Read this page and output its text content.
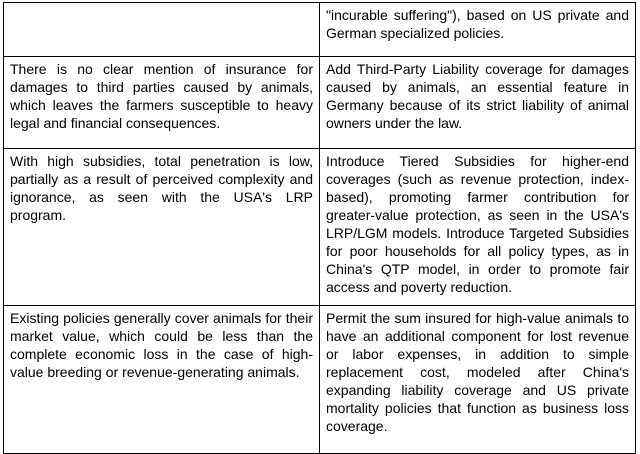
	"incurable suffering"), based on US private and German specialized policies.

There is no clear mention of insurance for damages to third parties caused by animals, which leaves the farmers susceptible to heavy legal and financial consequences.	Add Third-Party Liability coverage for damages caused by animals, an essential feature in Germany because of its strict liability of animal owners under the law.

With high subsidies, total penetration is low, partially as a result of perceived complexity and ignorance, as seen with the USA's LRP program.	Introduce Tiered Subsidies for higher-end coverages (such as revenue protection, index-based), promoting farmer contribution for greater-value protection, as seen in the USA's LRP/LGM models. Introduce Targeted Subsidies for poor households for all policy types, as in China's QTP model, in order to promote fair access and poverty reduction.

Existing policies generally cover animals for their market value, which could be less than the complete economic loss in the case of high-value breeding or revenue-generating animals.	Permit the sum insured for high-value animals to have an additional component for lost revenue or labor expenses, in addition to simple replacement cost, modeled after China's expanding liability coverage and US private mortality policies that function as business loss coverage.
